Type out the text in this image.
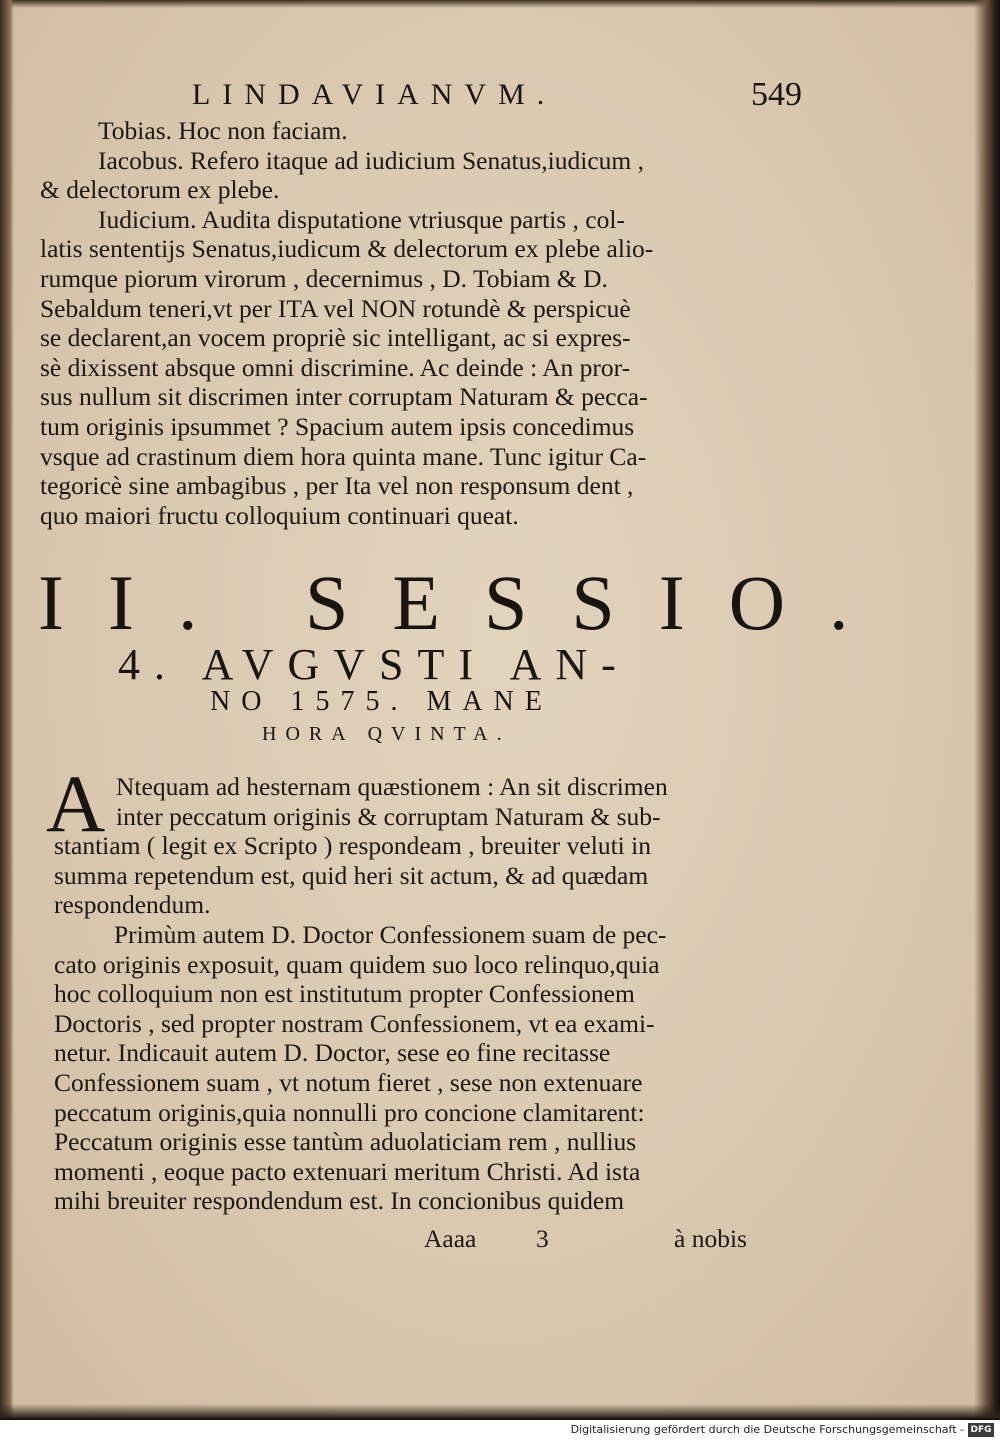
LINDAVIANVM.	549
Tobias. Hoc non faciam.
Iacobus. Refero itaque ad iudicium Senatus,iudicum ,
& delectorum ex plebe.
Iudicium. Audita disputatione vtriusque partis , col-
latis sententijs Senatus,iudicum & delectorum ex plebe alio-
rumque piorum virorum , decernimus , D. Tobiam & D.
Sebaldum teneri,vt per ITA vel NON rotundè & perspicuè
se declarent,an vocem propriè sic intelligant, ac si expres-
sè dixissent absque omni discrimine. Ac deinde : An pror-
sus nullum sit discrimen inter corruptam Naturam & pecca-
tum originis ipsummet ? Spacium autem ipsis concedimus
vsque ad crastinum diem hora quinta mane. Tunc igitur Ca-
tegoricè sine ambagibus , per Ita vel non responsum dent ,
quo maiori fructu colloquium continuari queat.
II. SESSIO.
4. AVGVSTI AN-
NO 1575. MANE
HORA QVINTA.
A Ntequam ad hesternam quæstionem : An sit discrimen
inter peccatum originis & corruptam Naturam & sub-
stantiam ( legit ex Scripto ) respondeam , breuiter veluti in
summa repetendum est, quid heri sit actum, & ad quædam
respondendum.
Primùm autem D. Doctor Confessionem suam de pec-
cato originis exposuit, quam quidem suo loco relinquo,quia
hoc colloquium non est institutum propter Confessionem
Doctoris , sed propter nostram Confessionem, vt ea exami-
netur. Indicauit autem D. Doctor, sese eo fine recitasse
Confessionem suam , vt notum fieret , sese non extenuare
peccatum originis,quia nonnulli pro concione clamitarent:
Peccatum originis esse tantùm aduolaticiam rem , nullius
momenti , eoque pacto extenuari meritum Christi. Ad ista
mihi breuiter respondendum est. In concionibus quidem
Aaaa 3	à nobis
Digitalisierung gefördert durch die Deutsche Forschungsgemeinschaft - DFG
